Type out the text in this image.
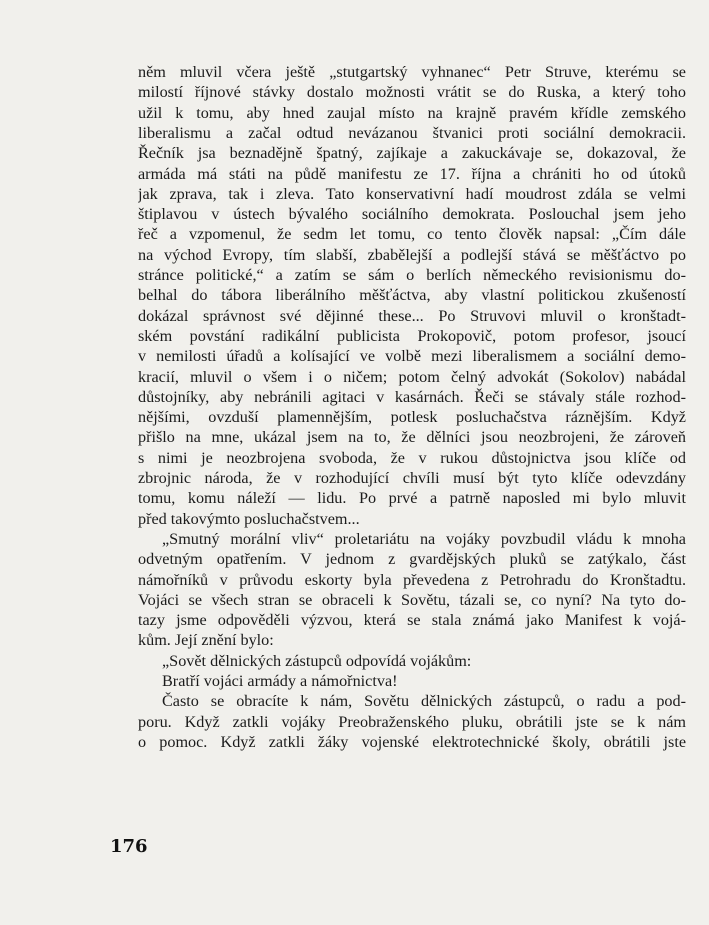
něm mluvil včera ještě „stutgartský vyhnanec“ Petr Struve, kterému se
milostí říjnové stávky dostalo možnosti vrátit se do Ruska, a který toho
užil k tomu, aby hned zaujal místo na krajně pravém křídle zemského
liberalismu a začal odtud nevázanou štvanici proti sociální demokracii.
Řečník jsa beznadějně špatný, zajíkaje a zakuckávaje se, dokazoval, že
armáda má státi na půdě manifestu ze 17. října a chrániti ho od útoků
jak zprava, tak i zleva. Tato konservativní hadí moudrost zdála se velmi
štiplavou v ústech bývalého sociálního demokrata. Poslouchal jsem jeho
řeč a vzpomenul, že sedm let tomu, co tento člověk napsal: „Čím dále
na východ Evropy, tím slabší, zbabělejší a podlejší stává se měšťáctvo po
stránce politické,“ a zatím se sám o berlích německého revisionismu do-
belhal do tábora liberálního měšťáctva, aby vlastní politickou zkušeností
dokázal správnost své dějinné these... Po Struvovi mluvil o kronštadt-
ském povstání radikální publicista Prokopovič, potom profesor, jsoucí
v nemilosti úřadů a kolísající ve volbě mezi liberalismem a sociální demo-
kracií, mluvil o všem i o ničem; potom čelný advokát (Sokolov) nabádal
důstojníky, aby nebránili agitaci v kasárnách. Řeči se stávaly stále rozhod-
nějšími, ovzduší plamennějším, potlesk posluchačstva ráznějším. Když
přišlo na mne, ukázal jsem na to, že dělníci jsou neozbrojeni, že zároveň
s nimi je neozbrojena svoboda, že v rukou důstojnictva jsou klíče od
zbrojnic národa, že v rozhodující chvíli musí být tyto klíče odevzdány
tomu, komu náleží — lidu. Po prvé a patrně naposled mi bylo mluvit
před takovýmto posluchačstvem...
„Smutný morální vliv“ proletariátu na vojáky povzbudil vládu k mnoha
odvetným opatřením. V jednom z gvardějských pluků se zatýkalo, část
námořníků v průvodu eskorty byla převedena z Petrohradu do Kronštadtu.
Vojáci se všech stran se obraceli k Sovětu, tázali se, co nyní? Na tyto do-
tazy jsme odpověděli výzvou, která se stala známá jako Manifest k vojá-
kům. Její znění bylo:
„Sovět dělnických zástupců odpovídá vojákům:
Bratří vojáci armády a námořnictva!
Často se obracíte k nám, Sovětu dělnických zástupců, o radu a pod-
poru. Když zatkli vojáky Preobraženského pluku, obrátili jste se k nám
o pomoc. Když zatkli žáky vojenské elektrotechnické školy, obrátili jste
176
